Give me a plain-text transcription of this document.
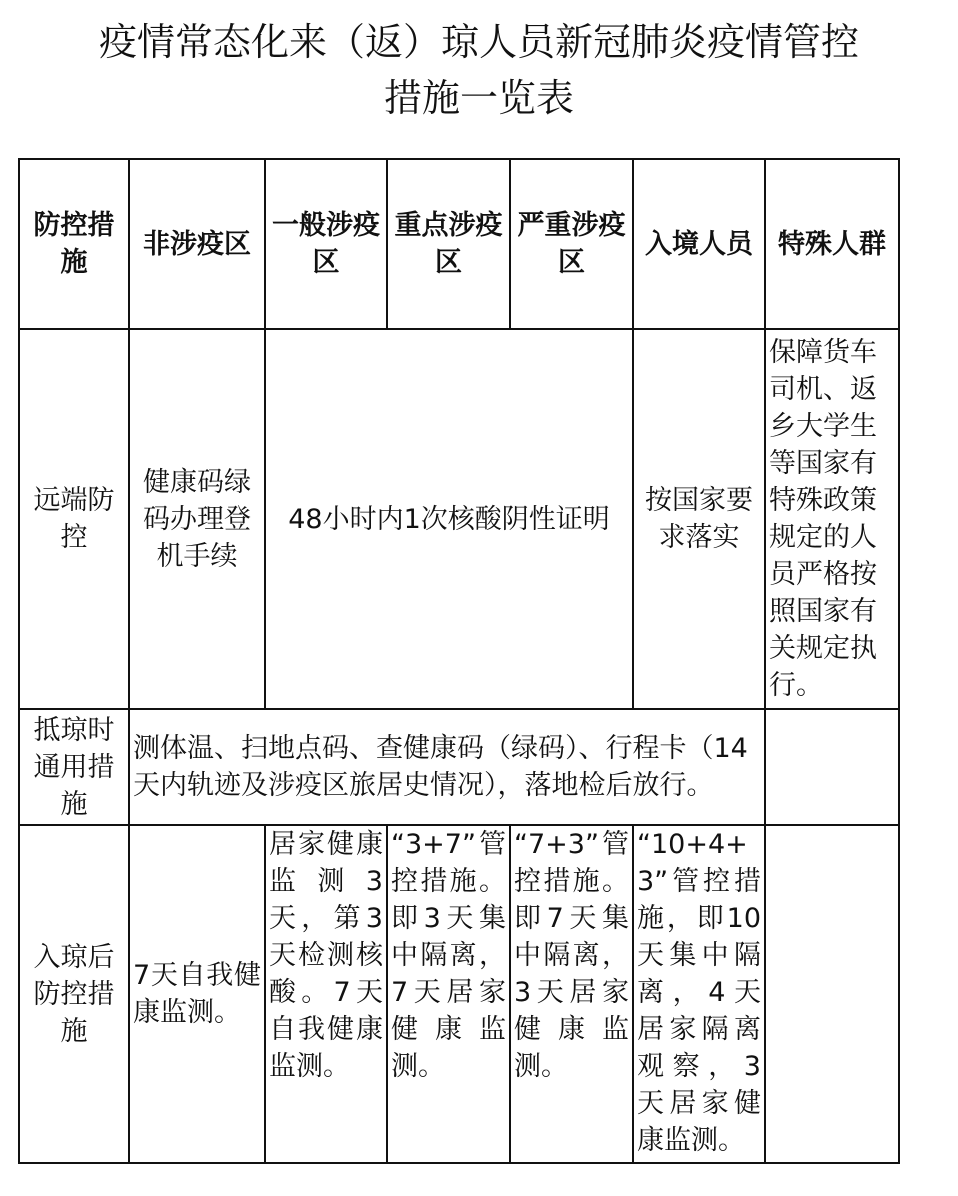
疫情常态化来（返）琼人员新冠肺炎疫情管控
措施一览表
防控措施	非涉疫区	一般涉疫区	重点涉疫区	严重涉疫区	入境人员	特殊人群
远端防控	健康码绿码办理登机手续	48小时内1次核酸阴性证明			按国家要求落实	保障货车司机、返乡大学生等国家有特殊政策规定的人员严格按照国家有关规定执行。
抵琼时通用措施	测体温、扫地点码、查健康码（绿码）、行程卡（14天内轨迹及涉疫区旅居史情况），落地检后放行。					
入琼后防控措施	7天自我健康监测。	居家健康监测3天，第3天检测核酸。7天自我健康监测。	“3+7”管控措施。即3天集中隔离，7天居家健康监测。	“7+3”管控措施。即7天集中隔离，3天居家健康监测。	“10+4+3”管控措施，即10天集中隔离，4天居家隔离观察，3天居家健康监测。	
